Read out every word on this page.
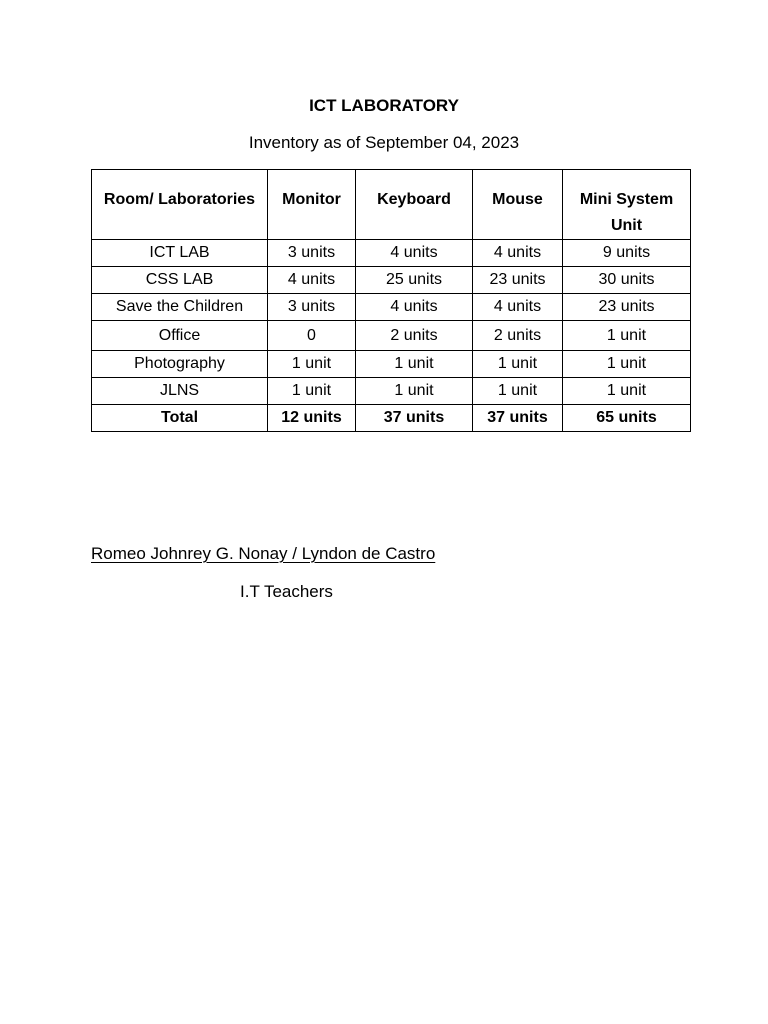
ICT LABORATORY
Inventory as of September 04, 2023
Room/ Laboratories	Monitor	Keyboard	Mouse	Mini System Unit
ICT LAB	3 units	4 units	4 units	9 units
CSS LAB	4 units	25 units	23 units	30 units
Save the Children	3 units	4 units	4 units	23 units
Office	0	2 units	2 units	1 unit
Photography	1 unit	1 unit	1 unit	1 unit
JLNS	1 unit	1 unit	1 unit	1 unit
Total	12 units	37 units	37 units	65 units
Romeo Johnrey G. Nonay / Lyndon de Castro
I.T Teachers
